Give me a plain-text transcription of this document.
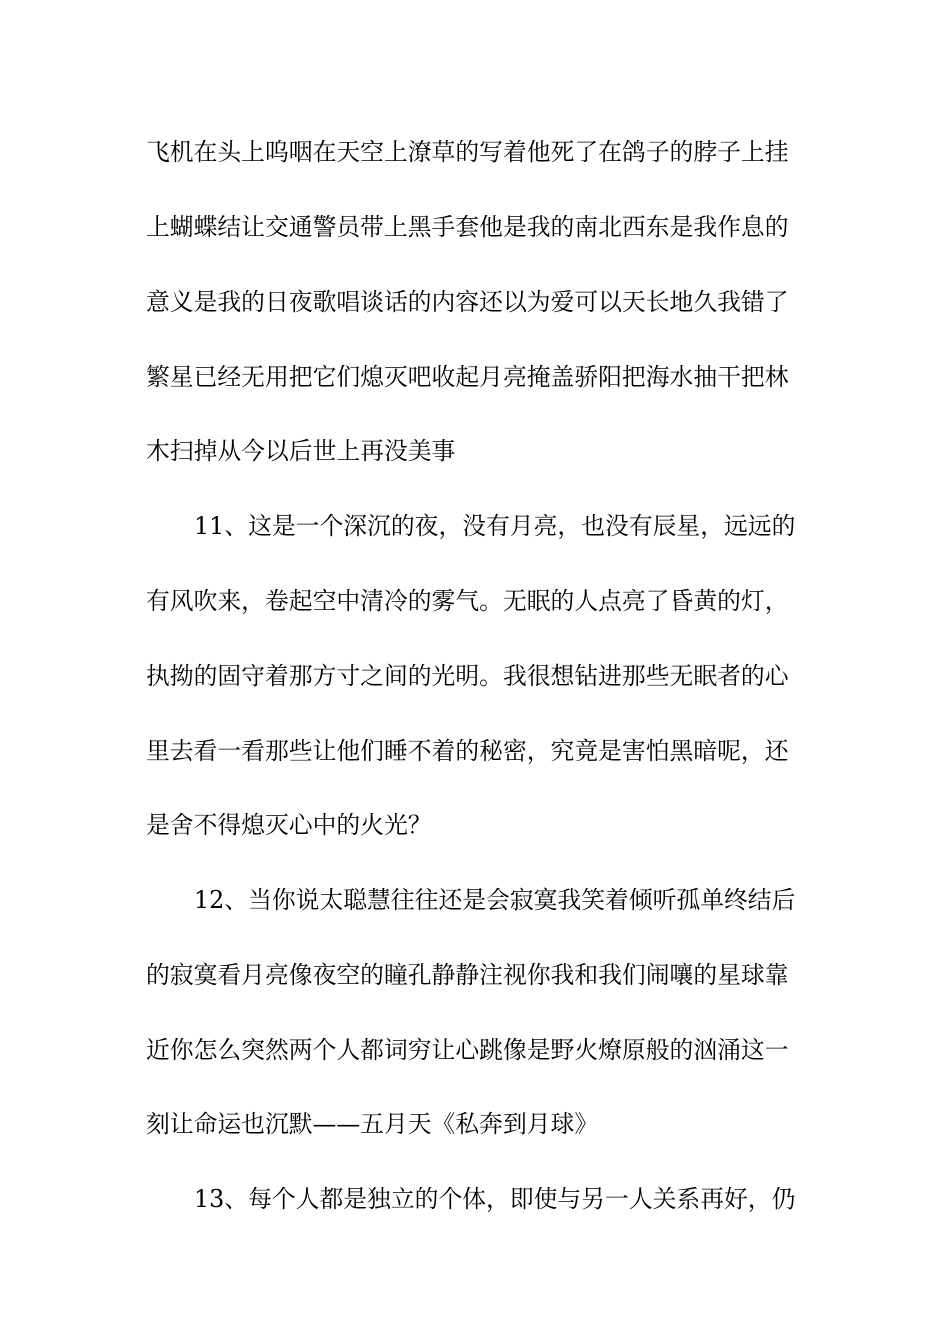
飞机在头上呜咽在天空上潦草的写着他死了在鸽子的脖子上挂
上蝴蝶结让交通警员带上黑手套他是我的南北西东是我作息的
意义是我的日夜歌唱谈话的内容还以为爱可以天长地久我错了
繁星已经无用把它们熄灭吧收起月亮掩盖骄阳把海水抽干把林
木扫掉从今以后世上再没美事
11、这是一个深沉的夜，没有月亮，也没有辰星，远远的
有风吹来，卷起空中清冷的雾气。无眠的人点亮了昏黄的灯，
执拗的固守着那方寸之间的光明。我很想钻进那些无眠者的心
里去看一看那些让他们睡不着的秘密，究竟是害怕黑暗呢，还
是舍不得熄灭心中的火光？
12、当你说太聪慧往往还是会寂寞我笑着倾听孤单终结后
的寂寞看月亮像夜空的瞳孔静静注视你我和我们闹嚷的星球靠
近你怎么突然两个人都词穷让心跳像是野火燎原般的汹涌这一
刻让命运也沉默——五月天《私奔到月球》
13、每个人都是独立的个体，即使与另一人关系再好，仍
